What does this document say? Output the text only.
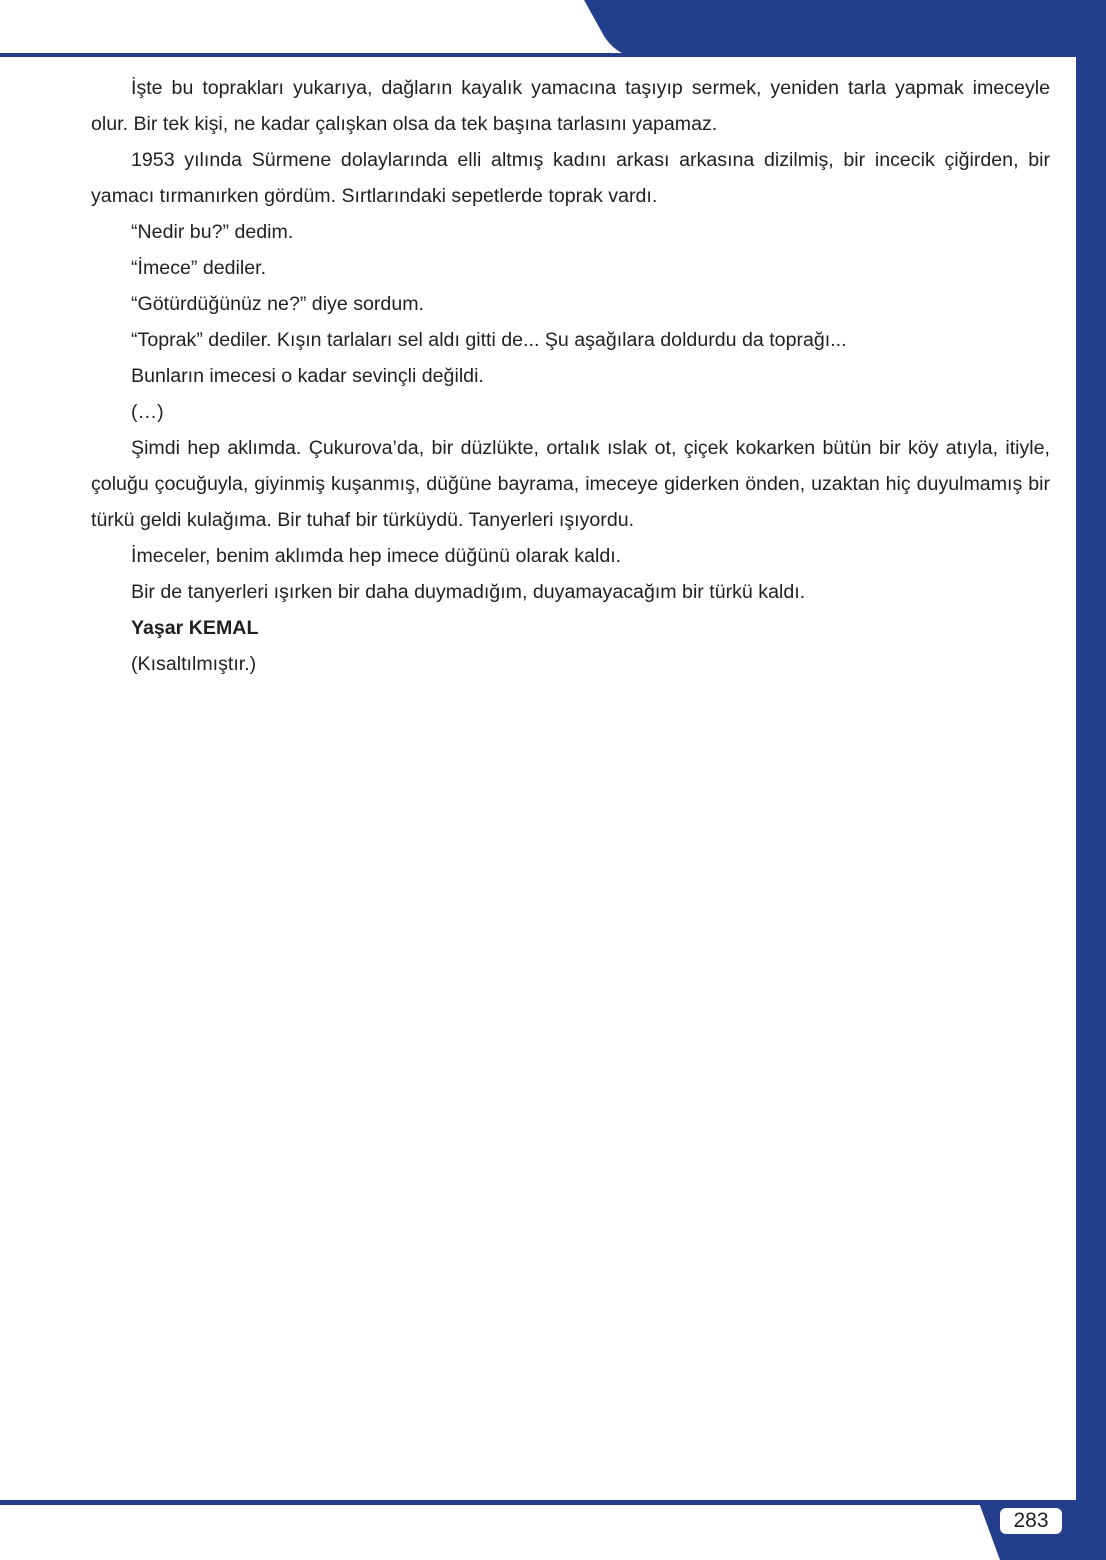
İşte bu toprakları yukarıya, dağların kayalık yamacına taşıyıp sermek, yeniden tarla yapmak imeceyle olur. Bir tek kişi, ne kadar çalışkan olsa da tek başına tarlasını yapamaz.

1953 yılında Sürmene dolaylarında elli altmış kadını arkası arkasına dizilmiş, bir incecik çiğirden, bir yamacı tırmanırken gördüm. Sırtlarındaki sepetlerde toprak vardı.

“Nedir bu?” dedim.

“İmece” dediler.

“Götürdüğünüz ne?” diye sordum.

“Toprak” dediler. Kışın tarlaları sel aldı gitti de... Şu aşağılara doldurdu da toprağı...

Bunların imecesi o kadar sevinçli değildi.

(…)

Şimdi hep aklımda. Çukurova’da, bir düzlükte, ortalık ıslak ot, çiçek kokarken bütün bir köy atıyla, itiyle, çoluğu çocuğuyla, giyinmiş kuşanmış, düğüne bayrama, imeceye giderken önden, uzaktan hiç duyulmamış bir türkü geldi kulağıma. Bir tuhaf bir türküydü. Tanyerleri ışıyordu.

İmeceler, benim aklımda hep imece düğünü olarak kaldı.

Bir de tanyerleri ışırken bir daha duymadığım, duyamayacağım bir türkü kaldı.

Yaşar KEMAL

(Kısaltılmıştır.)

283
